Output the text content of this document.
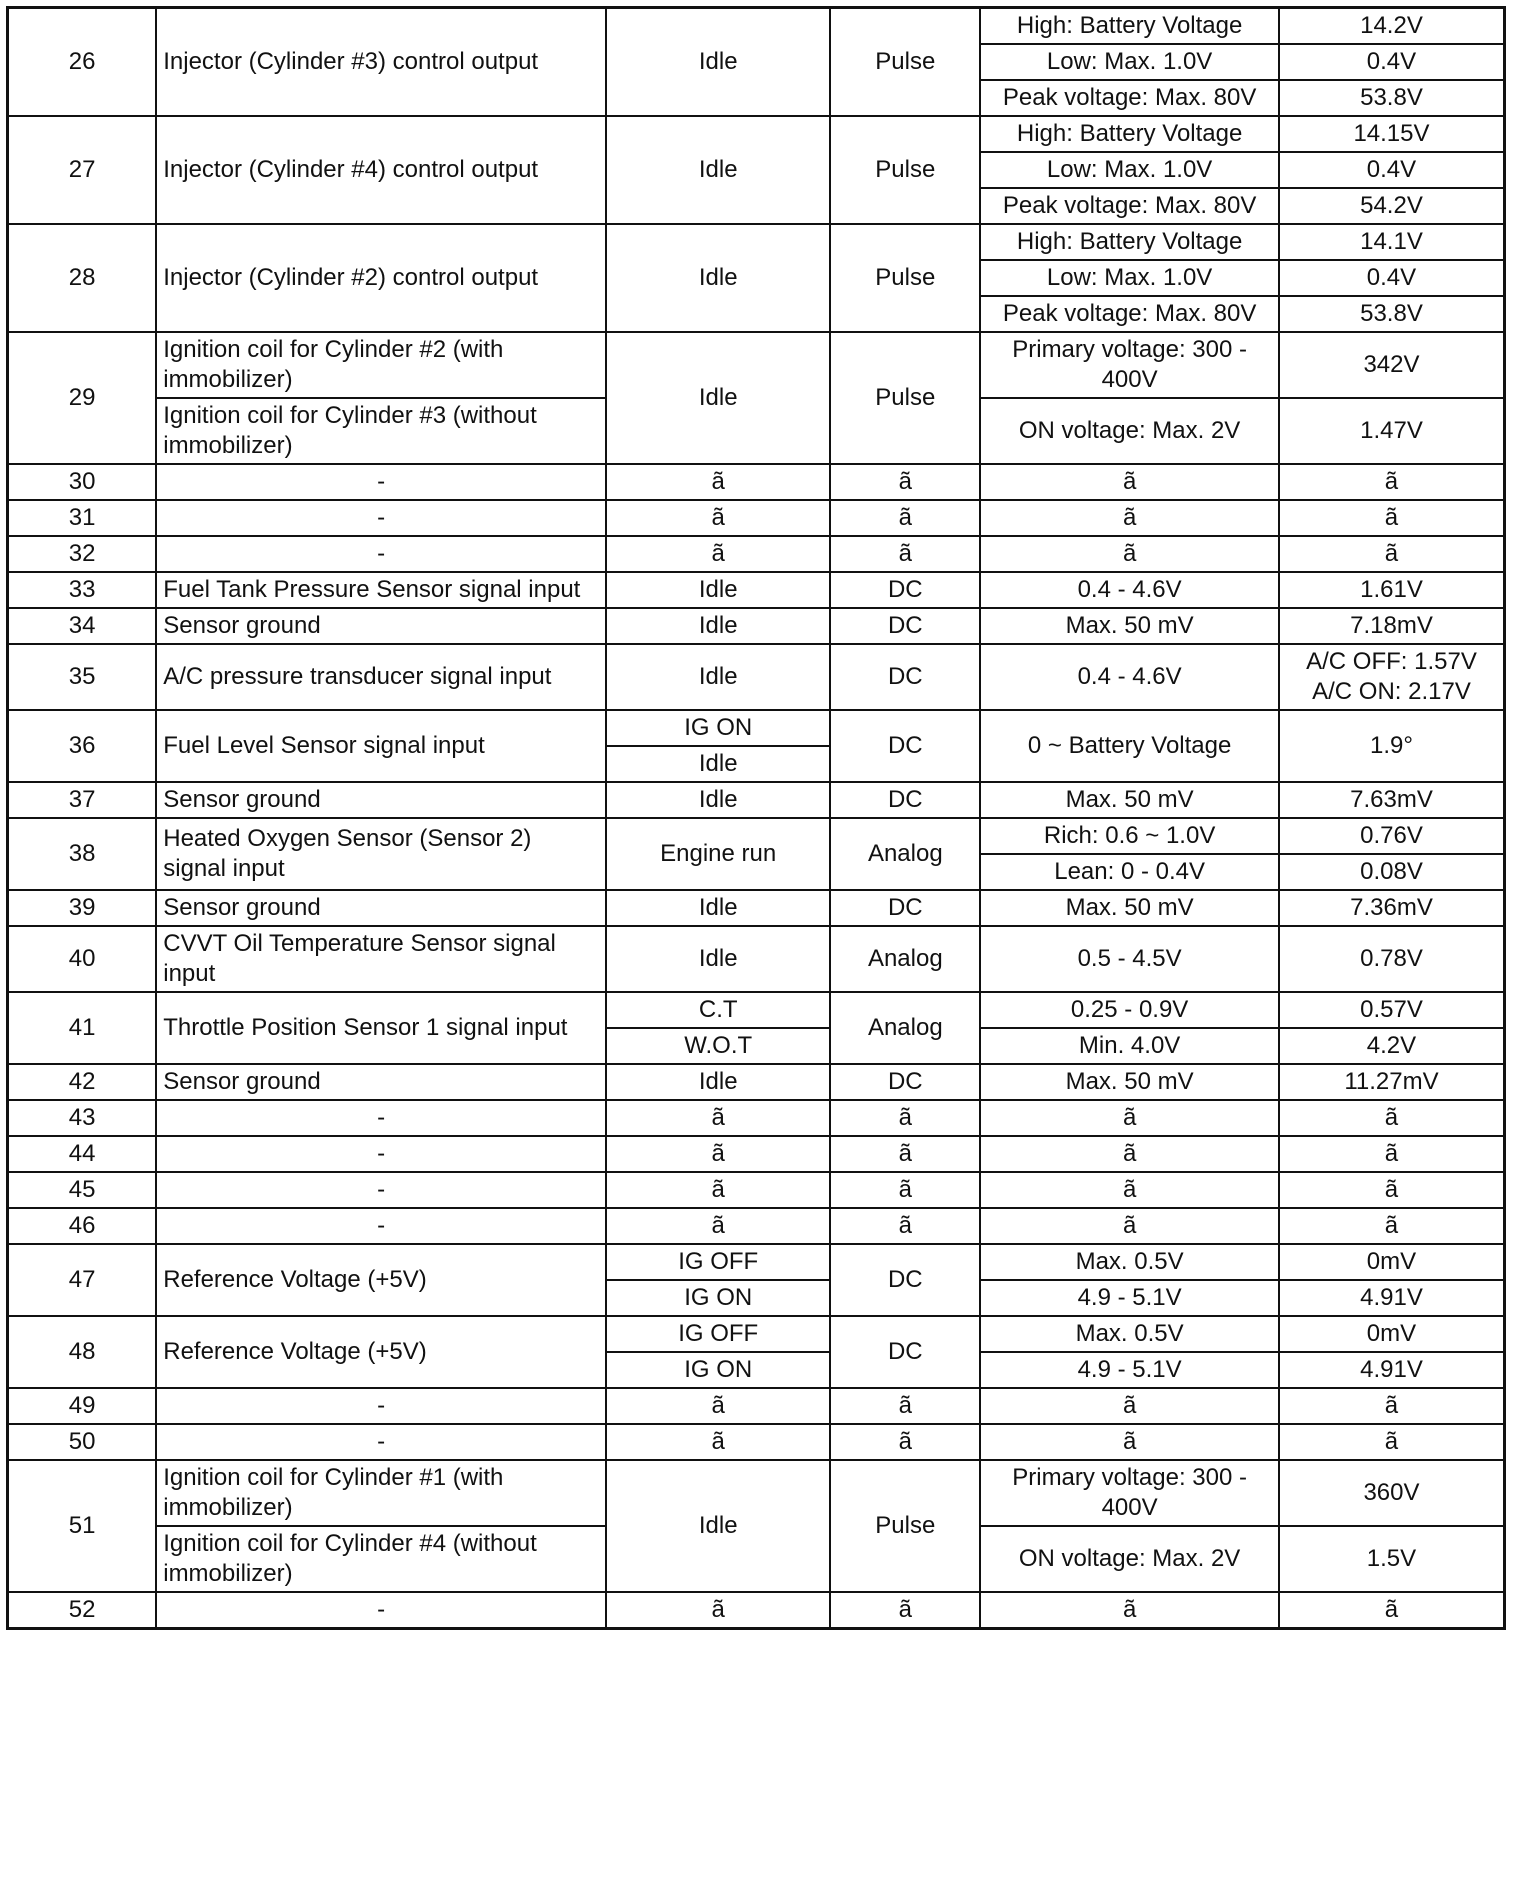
26	Injector (Cylinder #3) control output	Idle	Pulse	High: Battery Voltage	14.2V
				Low: Max. 1.0V	0.4V
				Peak voltage: Max. 80V	53.8V
27	Injector (Cylinder #4) control output	Idle	Pulse	High: Battery Voltage	14.15V
				Low: Max. 1.0V	0.4V
				Peak voltage: Max. 80V	54.2V
28	Injector (Cylinder #2) control output	Idle	Pulse	High: Battery Voltage	14.1V
				Low: Max. 1.0V	0.4V
				Peak voltage: Max. 80V	53.8V
29	Ignition coil for Cylinder #2 (with immobilizer)	Idle	Pulse	Primary voltage: 300 - 400V	342V
	Ignition coil for Cylinder #3 (without immobilizer)			ON voltage: Max. 2V	1.47V
30	-	ã	ã	ã	ã
31	-	ã	ã	ã	ã
32	-	ã	ã	ã	ã
33	Fuel Tank Pressure Sensor signal input	Idle	DC	0.4 - 4.6V	1.61V
34	Sensor ground	Idle	DC	Max. 50 mV	7.18mV
35	A/C pressure transducer signal input	Idle	DC	0.4 - 4.6V	A/C OFF: 1.57V A/C ON: 2.17V
36	Fuel Level Sensor signal input	IG ON	DC	0 ~ Battery Voltage	1.9°
		Idle			
37	Sensor ground	Idle	DC	Max. 50 mV	7.63mV
38	Heated Oxygen Sensor (Sensor 2) signal input	Engine run	Analog	Rich: 0.6 ~ 1.0V	0.76V
				Lean: 0 - 0.4V	0.08V
39	Sensor ground	Idle	DC	Max. 50 mV	7.36mV
40	CVVT Oil Temperature Sensor signal input	Idle	Analog	0.5 - 4.5V	0.78V
41	Throttle Position Sensor 1 signal input	C.T	Analog	0.25 - 0.9V	0.57V
		W.O.T		Min. 4.0V	4.2V
42	Sensor ground	Idle	DC	Max. 50 mV	11.27mV
43	-	ã	ã	ã	ã
44	-	ã	ã	ã	ã
45	-	ã	ã	ã	ã
46	-	ã	ã	ã	ã
47	Reference Voltage (+5V)	IG OFF	DC	Max. 0.5V	0mV
		IG ON		4.9 - 5.1V	4.91V
48	Reference Voltage (+5V)	IG OFF	DC	Max. 0.5V	0mV
		IG ON		4.9 - 5.1V	4.91V
49	-	ã	ã	ã	ã
50	-	ã	ã	ã	ã
51	Ignition coil for Cylinder #1 (with immobilizer)	Idle	Pulse	Primary voltage: 300 - 400V	360V
	Ignition coil for Cylinder #4 (without immobilizer)			ON voltage: Max. 2V	1.5V
52	-	ã	ã	ã	ã
